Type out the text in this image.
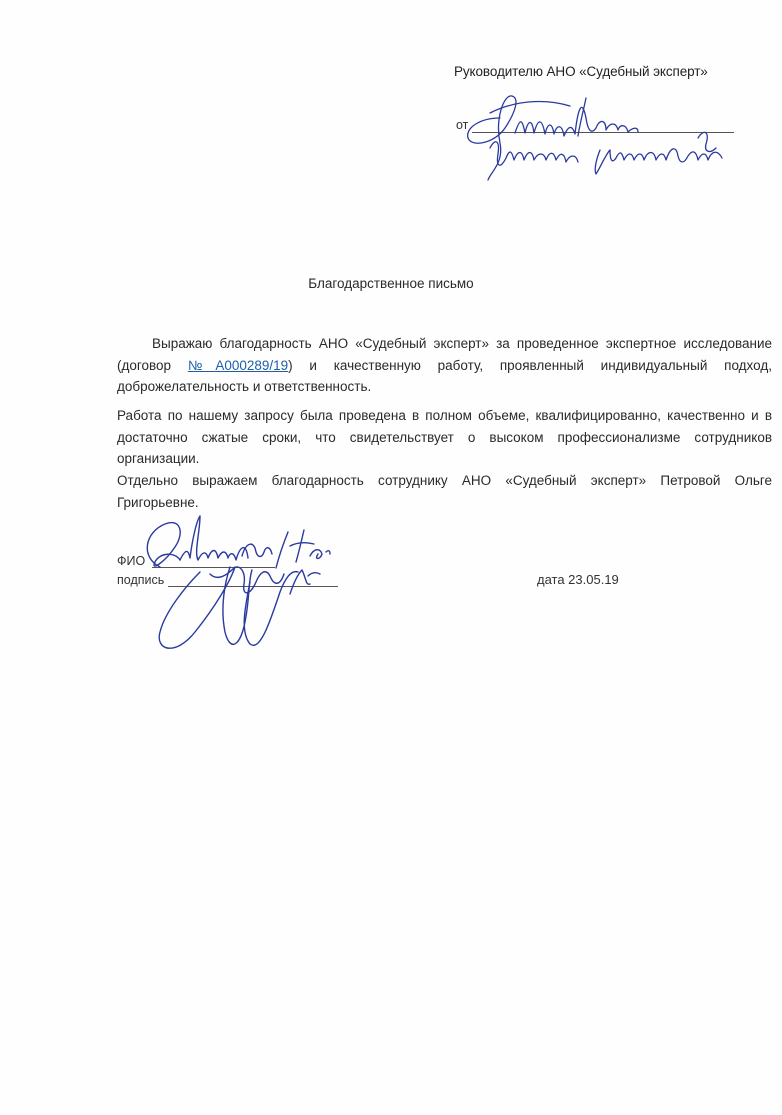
Руководителю АНО «Судебный эксперт»
от
Благодарственное письмо
Выражаю благодарность АНО «Судебный эксперт» за проведенное экспертное исследование (договор №А000289/19) и качественную работу, проявленный индивидуальный подход, доброжелательность и ответственность.
Работа по нашему запросу была проведена в полном объеме, квалифицированно, качественно и в достаточно сжатые сроки, что свидетельствует о высоком профессионализме сотрудников организации.
Отдельно выражаем благодарность сотруднику АНО «Судебный эксперт» Петровой Ольге Григорьевне.
ФИО
подпись	дата 23.05.19
